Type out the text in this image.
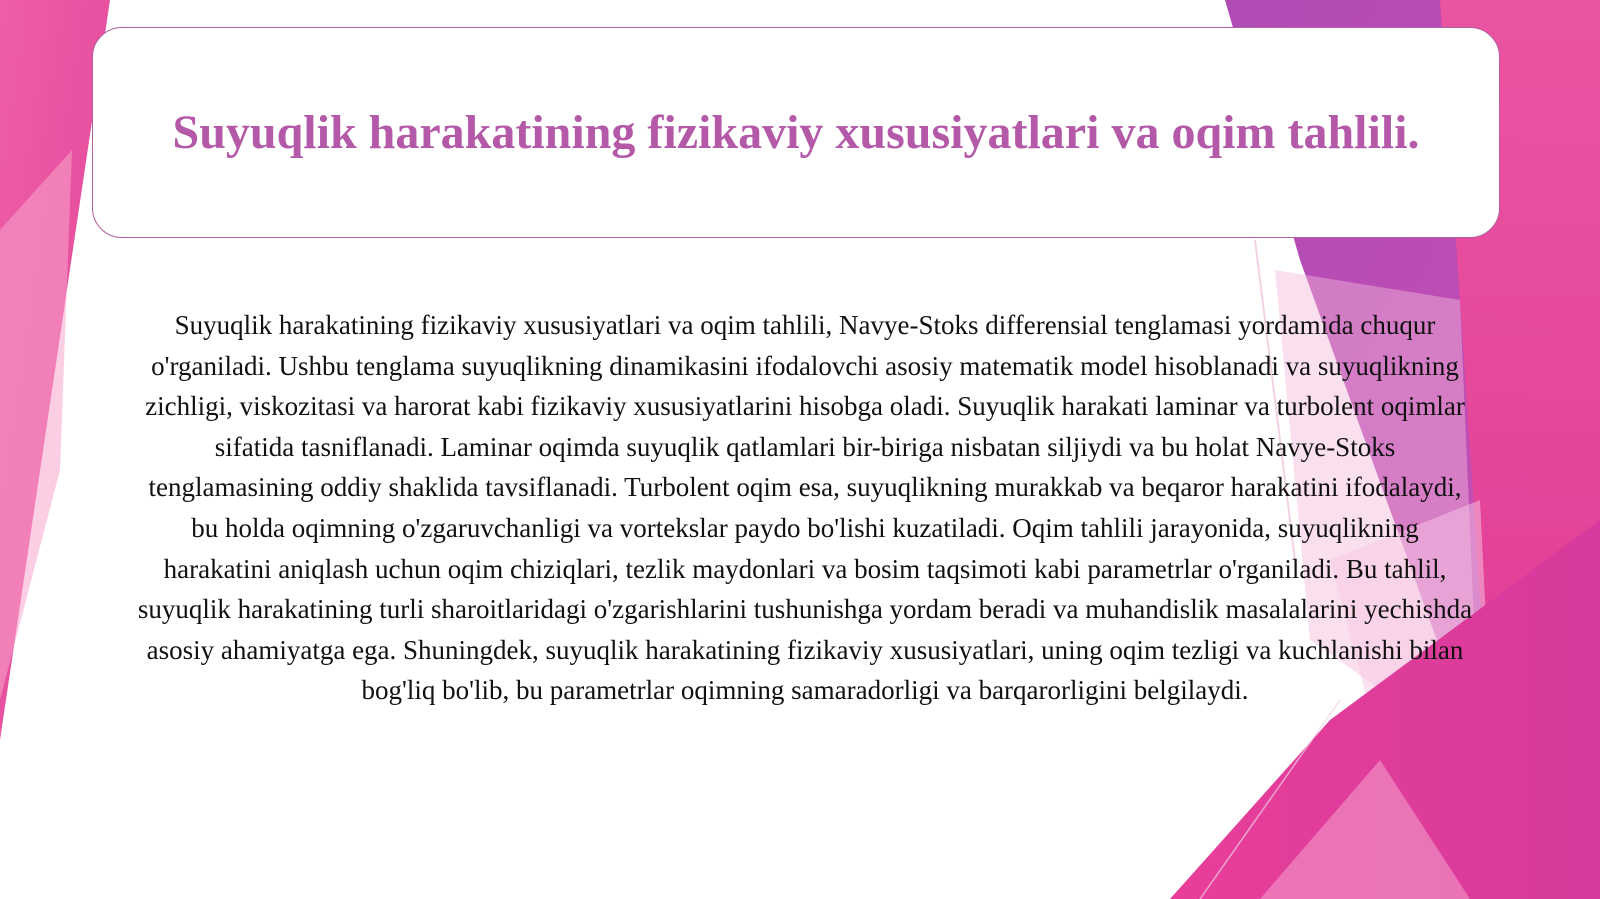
Suyuqlik harakatining fizikaviy xususiyatlari va oqim tahlili.

Suyuqlik harakatining fizikaviy xususiyatlari va oqim tahlili, Navye-Stoks differensial tenglamasi yordamida chuqur o'rganiladi. Ushbu tenglama suyuqlikning dinamikasini ifodalovchi asosiy matematik model hisoblanadi va suyuqlikning zichligi, viskozitasi va harorat kabi fizikaviy xususiyatlarini hisobga oladi. Suyuqlik harakati laminar va turbolent oqimlar sifatida tasniflanadi. Laminar oqimda suyuqlik qatlamlari bir-biriga nisbatan siljiydi va bu holat Navye-Stoks tenglamasining oddiy shaklida tavsiflanadi. Turbolent oqim esa, suyuqlikning murakkab va beqaror harakatini ifodalaydi, bu holda oqimning o'zgaruvchanligi va vortekslar paydo bo'lishi kuzatiladi. Oqim tahlili jarayonida, suyuqlikning harakatini aniqlash uchun oqim chiziqlari, tezlik maydonlari va bosim taqsimoti kabi parametrlar o'rganiladi. Bu tahlil, suyuqlik harakatining turli sharoitlaridagi o'zgarishlarini tushunishga yordam beradi va muhandislik masalalarini yechishda asosiy ahamiyatga ega. Shuningdek, suyuqlik harakatining fizikaviy xususiyatlari, uning oqim tezligi va kuchlanishi bilan bog'liq bo'lib, bu parametrlar oqimning samaradorligi va barqarorligini belgilaydi.
